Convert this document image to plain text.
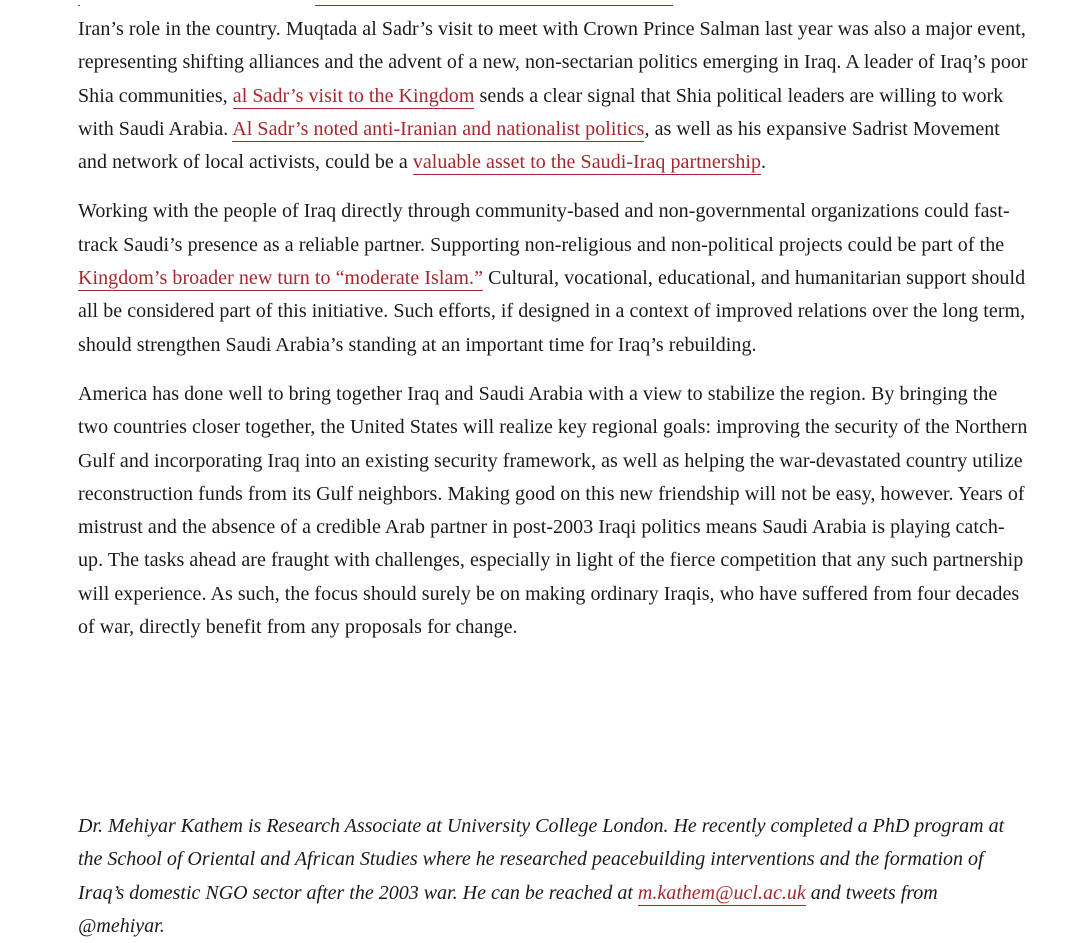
Iran’s role in the country. Muqtada al Sadr’s visit to meet with Crown Prince Salman last year was also a major event, representing shifting alliances and the advent of a new, non-sectarian politics emerging in Iraq. A leader of Iraq’s poor Shia communities, al Sadr’s visit to the Kingdom sends a clear signal that Shia political leaders are willing to work with Saudi Arabia. Al Sadr’s noted anti-Iranian and nationalist politics, as well as his expansive Sadrist Movement and network of local activists, could be a valuable asset to the Saudi-Iraq partnership.

Working with the people of Iraq directly through community-based and non-governmental organizations could fast-track Saudi’s presence as a reliable partner. Supporting non-religious and non-political projects could be part of the Kingdom’s broader new turn to “moderate Islam.” Cultural, vocational, educational, and humanitarian support should all be considered part of this initiative. Such efforts, if designed in a context of improved relations over the long term, should strengthen Saudi Arabia’s standing at an important time for Iraq’s rebuilding.

America has done well to bring together Iraq and Saudi Arabia with a view to stabilize the region. By bringing the two countries closer together, the United States will realize key regional goals: improving the security of the Northern Gulf and incorporating Iraq into an existing security framework, as well as helping the war-devastated country utilize reconstruction funds from its Gulf neighbors. Making good on this new friendship will not be easy, however. Years of mistrust and the absence of a credible Arab partner in post-2003 Iraqi politics means Saudi Arabia is playing catch-up. The tasks ahead are fraught with challenges, especially in light of the fierce competition that any such partnership will experience. As such, the focus should surely be on making ordinary Iraqis, who have suffered from four decades of war, directly benefit from any proposals for change.

Dr. Mehiyar Kathem is Research Associate at University College London. He recently completed a PhD program at the School of Oriental and African Studies where he researched peacebuilding interventions and the formation of Iraq’s domestic NGO sector after the 2003 war. He can be reached at m.kathem@ucl.ac.uk and tweets from @mehiyar.
